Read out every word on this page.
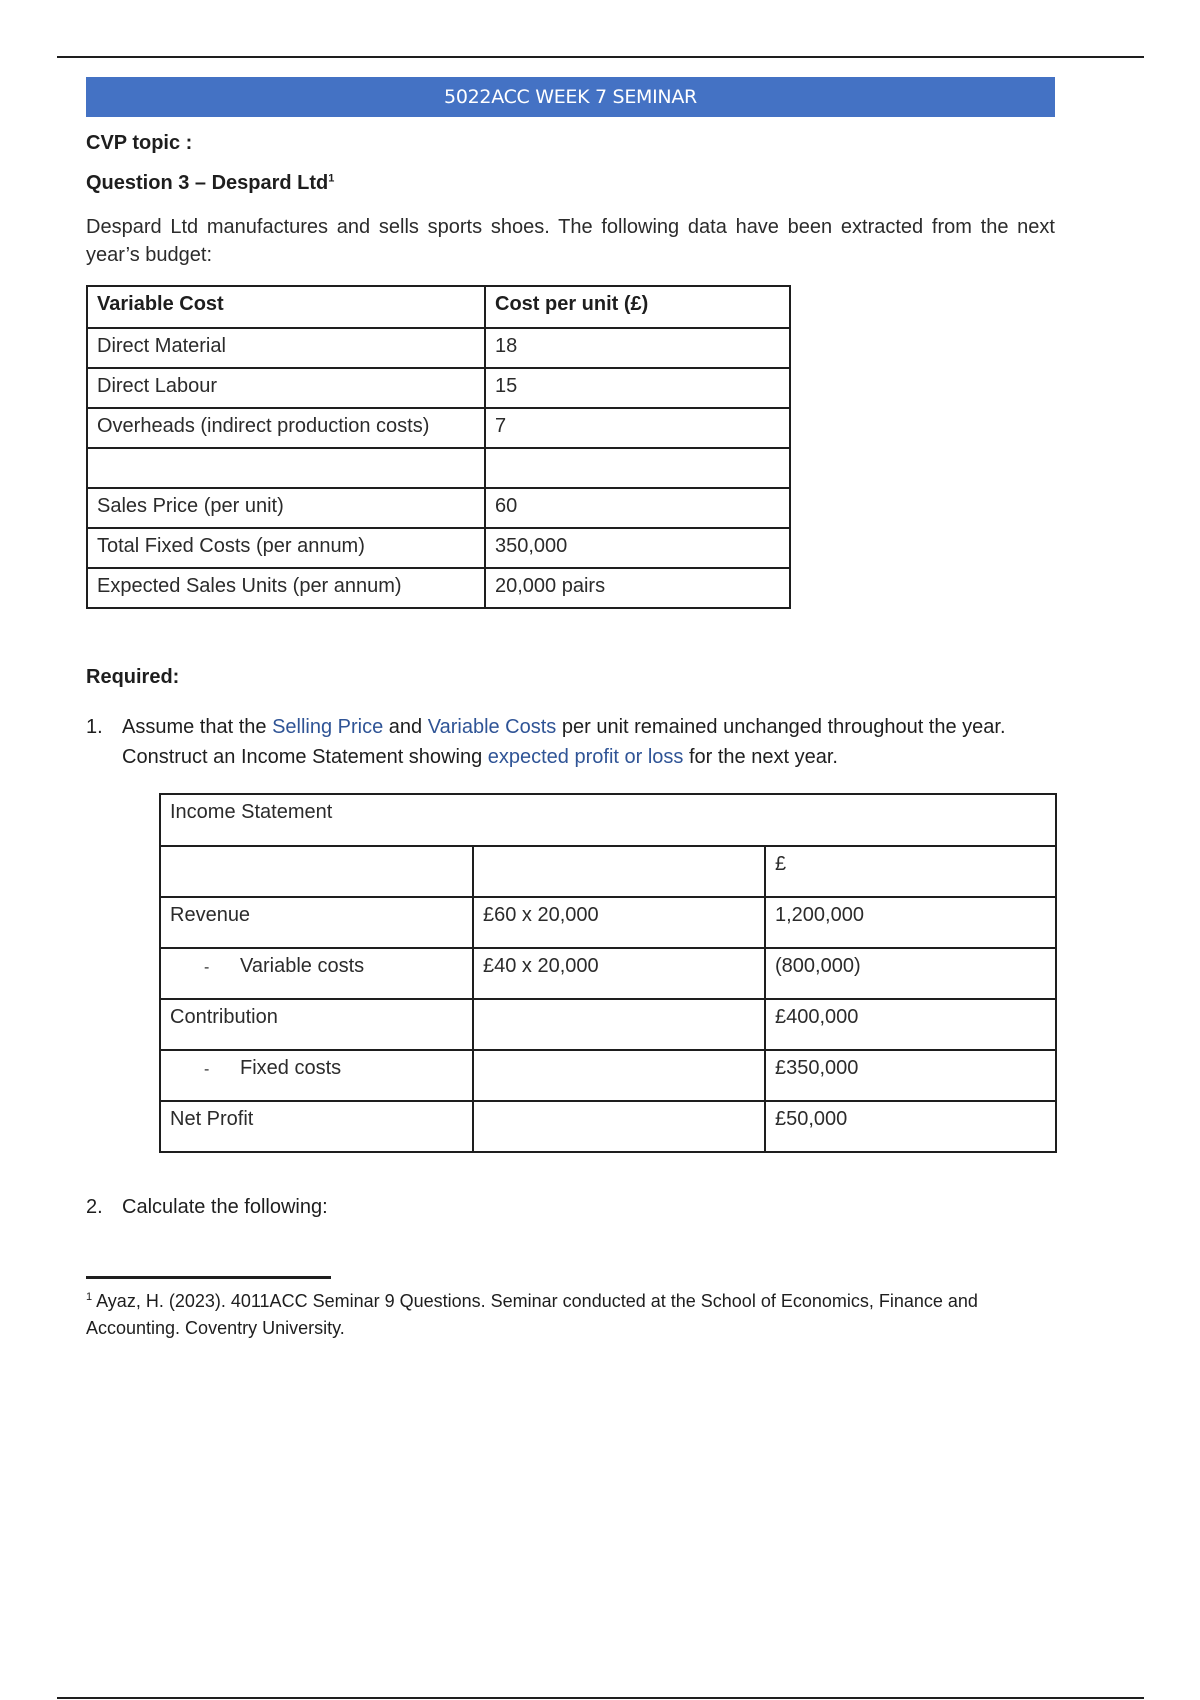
5022ACC WEEK 7 SEMINAR
CVP topic :
Question 3 – Despard Ltd$^1$
Despard Ltd manufactures and sells sports shoes. The following data have been extracted from the next year’s budget:
Variable Cost	Cost per unit (£)
Direct Material	18
Direct Labour	15
Overheads (indirect production costs)	7

Sales Price (per unit)	60
Total Fixed Costs (per annum)	350,000
Expected Sales Units (per annum)	20,000 pairs
Required:
1. Assume that the Selling Price and Variable Costs per unit remained unchanged throughout the year. Construct an Income Statement showing expected profit or loss for the next year.
Income Statement		
		£
Revenue	£60 x 20,000	1,200,000
- Variable costs	£40 x 20,000	(800,000)
Contribution		£400,000
- Fixed costs		£350,000
Net Profit		£50,000
2. Calculate the following:
$^1$ Ayaz, H. (2023). 4011ACC Seminar 9 Questions. Seminar conducted at the School of Economics, Finance and Accounting. Coventry University.
